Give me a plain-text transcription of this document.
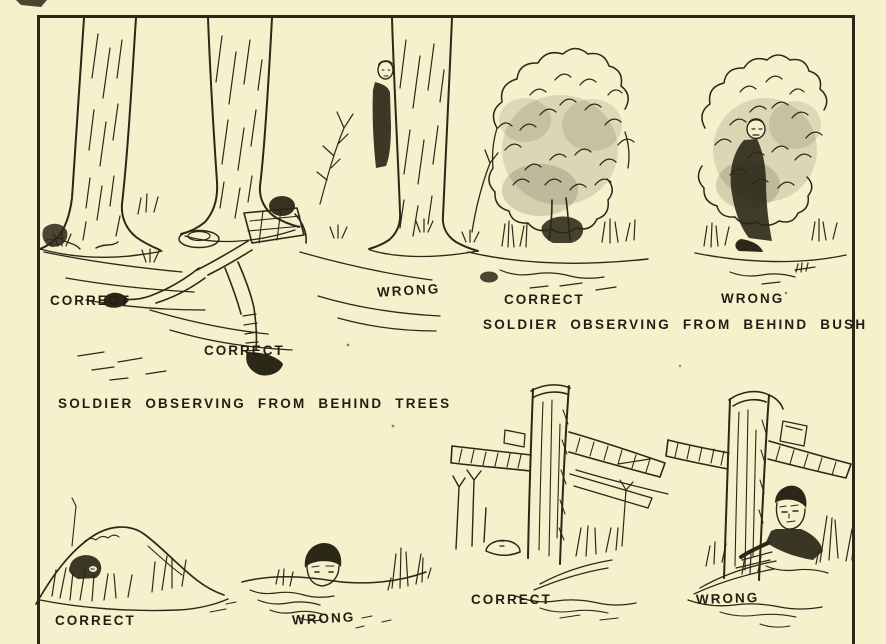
CORRECT
WRONG
CORRECT
SOLDIER OBSERVING FROM BEHIND TREES
CORRECT	WRONG
SOLDIER OBSERVING FROM BEHIND BUSH
CORRECT	WRONG
CORRECT	WRONG
